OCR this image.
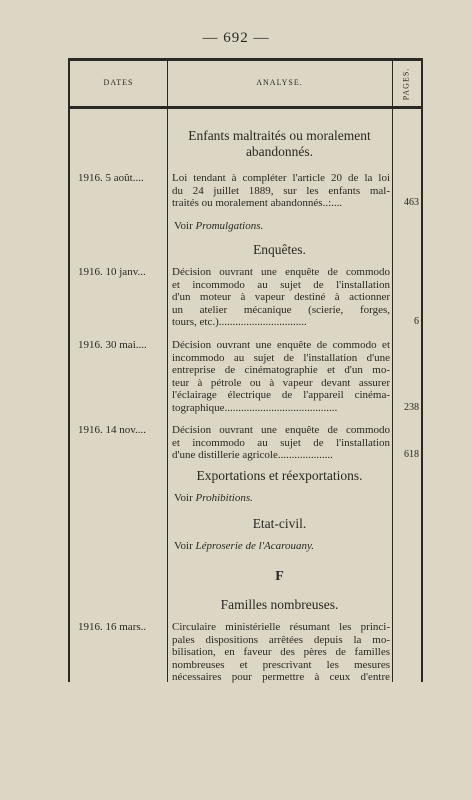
— 692 —
DATES	ANALYSE.	PAGES.
Enfants maltraités ou moralement
abandonnés.
1916. 5 août....	Loi tendant à compléter l'article 20 de la loi
du 24 juillet 1889, sur les enfants mal-
traités ou moralement abandonnés..:....	463
Voir Promulgations.
Enquêtes.
1916. 10 janv... Décision ouvrant une enquête de commodo
et incommodo au sujet de l'installation
d'un moteur à vapeur destiné à actionner
un atelier mécanique (scierie, forges,
tours, etc.)................................	6
1916. 30 mai.... Décision ouvrant une enquête de commodo et
incommodo au sujet de l'installation d'une
entreprise de cinématographie et d'un mo-
teur à pétrole ou à vapeur devant assurer
l'éclairage électrique de l'appareil cinéma-
tographique.........................................	238
1916. 14 nov.... Décision ouvrant une enquête de commodo
et incommodo au sujet de l'installation
d'une distillerie agricole....................	618
Exportations et réexportations.
Voir Prohibitions.
Etat-civil.
Voir Léproserie de l'Acarouany.
F
Familles nombreuses.
1916. 16 mars.. Circulaire ministérielle résumant les princi-
pales dispositions arrêtées depuis la mo-
bilisation, en faveur des pères de familles
nombreuses et prescrivant les mesures
nécessaires pour permettre à ceux d'entre
